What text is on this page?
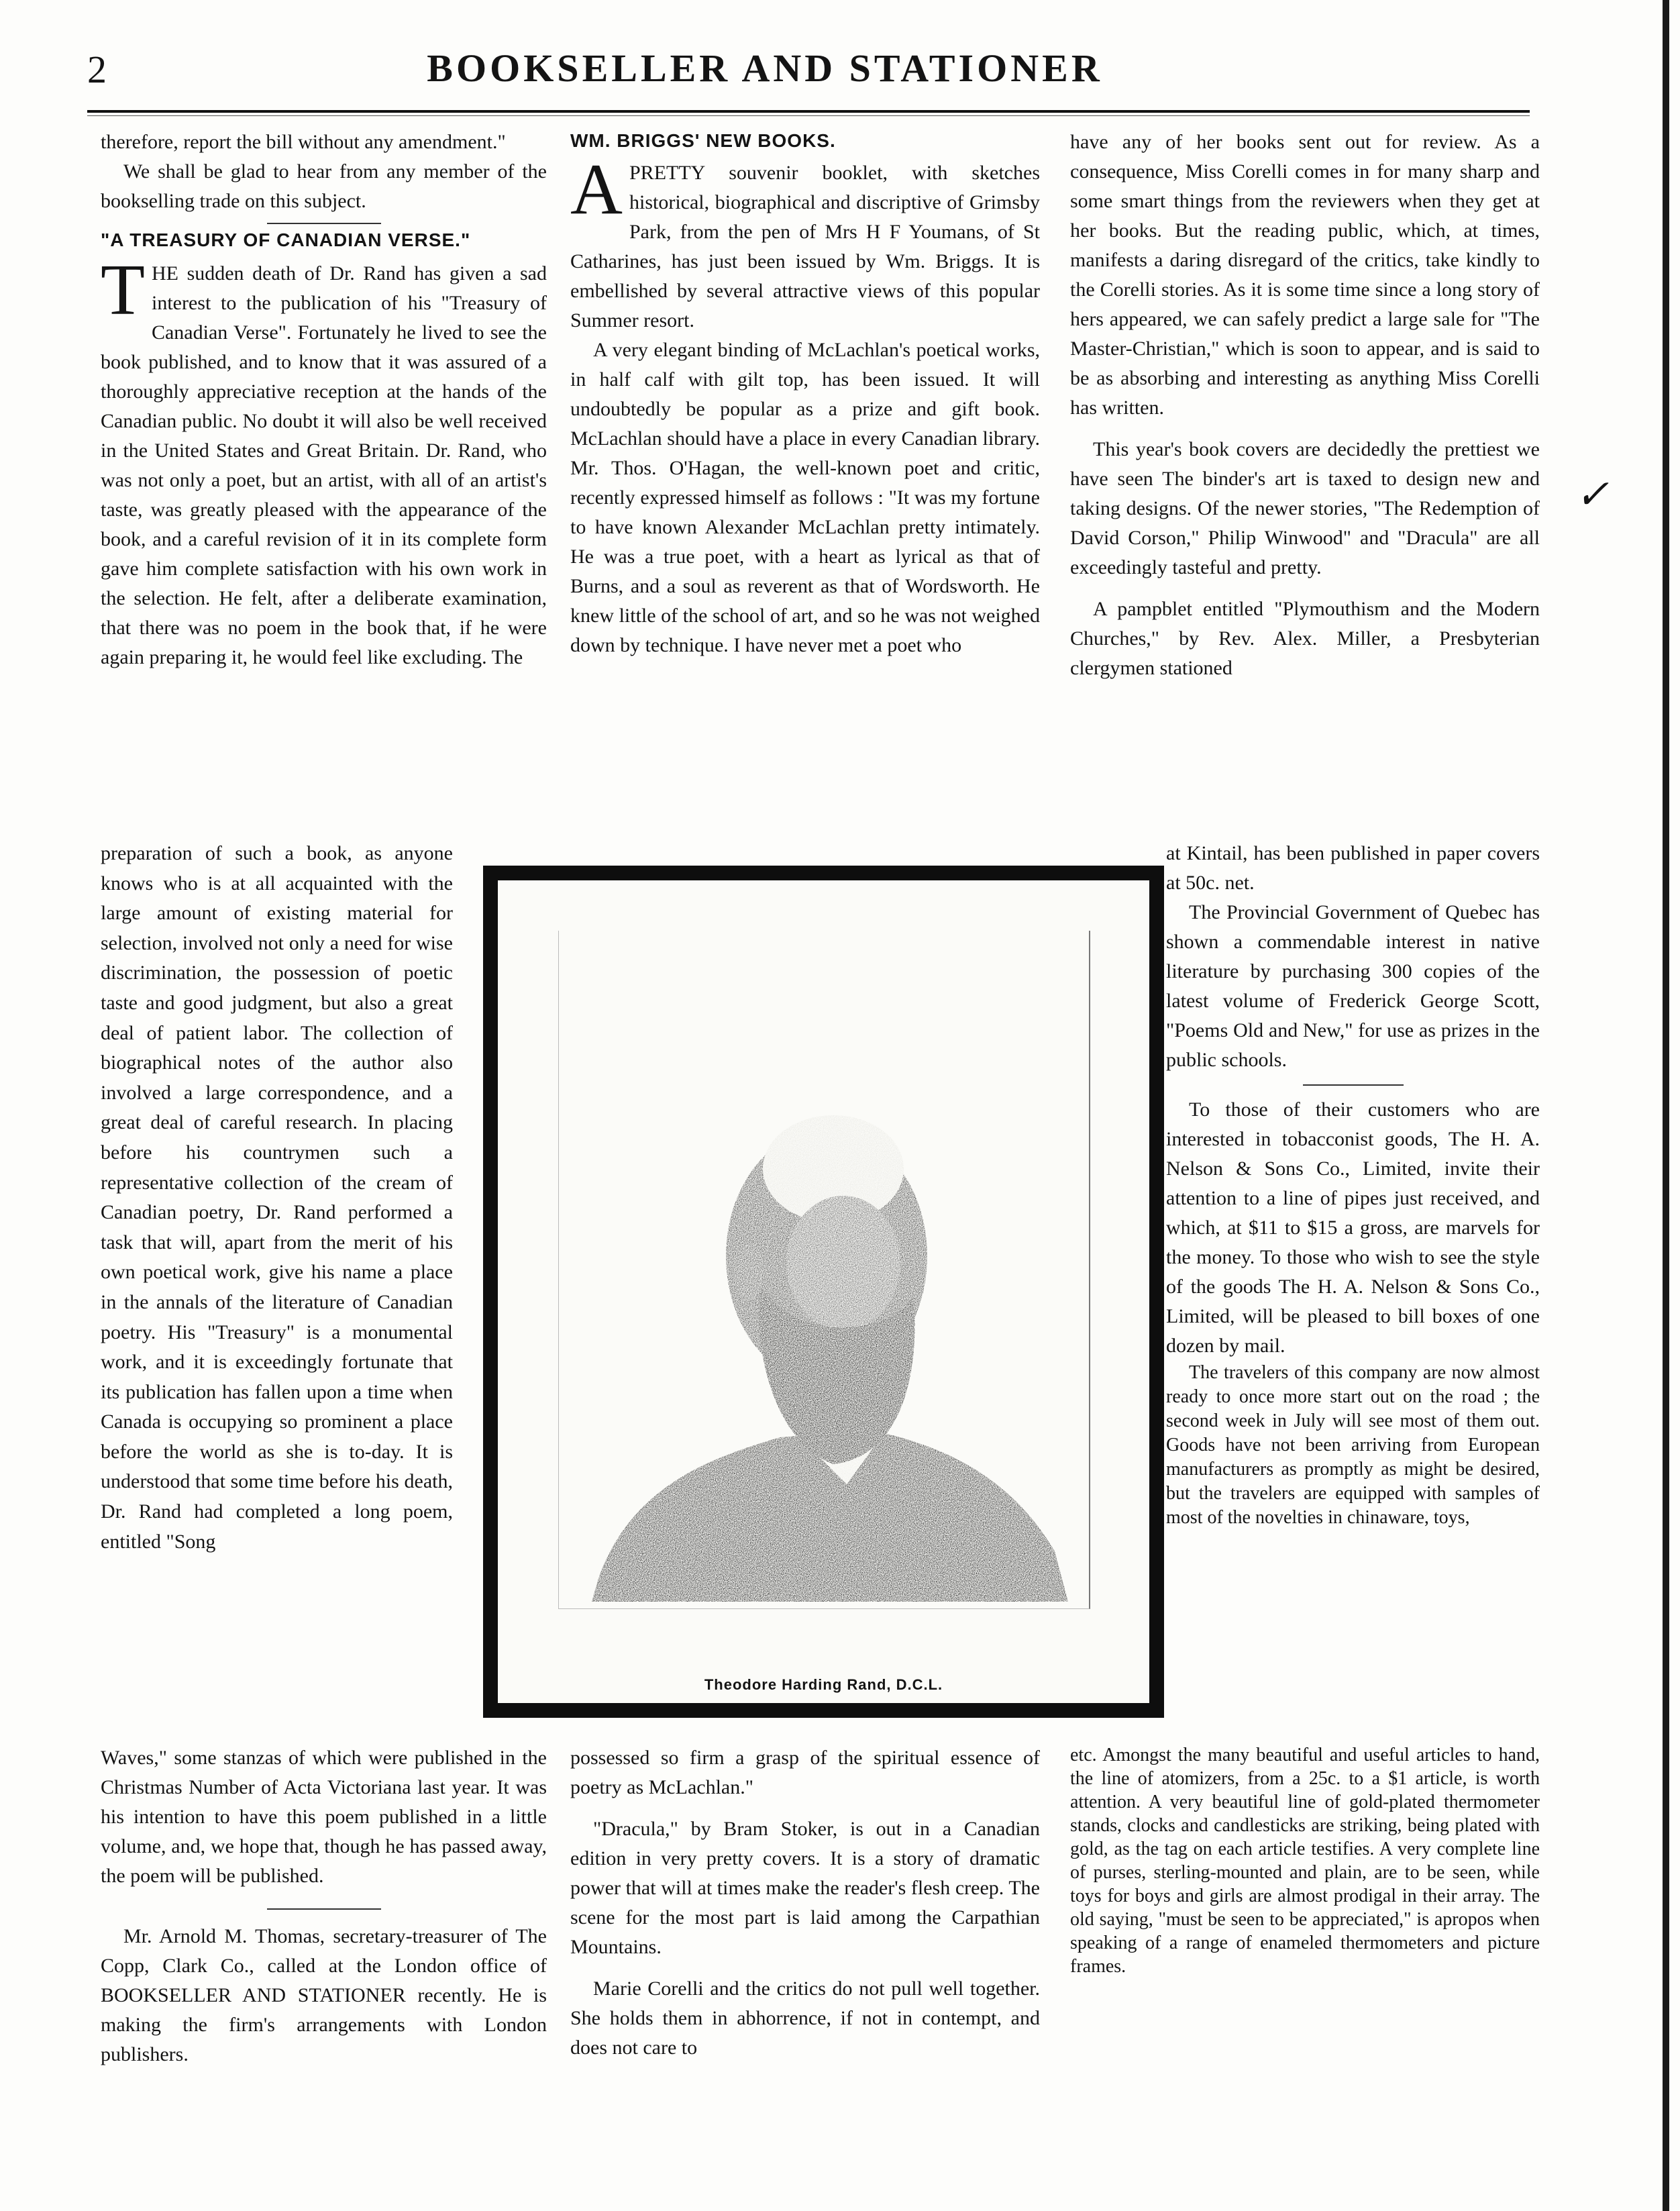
2	BOOKSELLER AND STATIONER

therefore, report the bill without any amendment."

We shall be glad to hear from any member of the bookselling trade on this subject.

"A TREASURY OF CANADIAN VERSE."

T HE sudden death of Dr. Rand has given a sad interest to the publication of his "Treasury of Canadian Verse". Fortunately he lived to see the book published, and to know that it was assured of a thoroughly appreciative reception at the hands of the Canadian public. No doubt it will also be well received in the United States and Great Britain. Dr. Rand, who was not only a poet, but an artist, with all of an artist's taste, was greatly pleased with the appearance of the book, and a careful revision of it in its complete form gave him complete satisfaction with his own work in the selection. He felt, after a deliberate examination, that there was no poem in the book that, if he were again preparing it, he would feel like excluding. The

preparation of such a book, as anyone knows who is at all acquainted with the large amount of existing material for selection, involved not only a need for wise discrimination, the possession of poetic taste and good judgment, but also a great deal of patient labor. The collection of biographical notes of the author also involved a large correspondence, and a great deal of careful research. In placing before his countrymen such a representative collection of the cream of Canadian poetry, Dr. Rand performed a task that will, apart from the merit of his own poetical work, give his name a place in the annals of the literature of Canadian poetry. His "Treasury" is a monumental work, and it is exceedingly fortunate that its publication has fallen upon a time when Canada is occupying so prominent a place before the world as she is to-day. It is understood that some time before his death, Dr. Rand had completed a long poem, entitled "Song

WM. BRIGGS' NEW BOOKS.

A PRETTY souvenir booklet, with sketches historical, biographical and discriptive of Grimsby Park, from the pen of Mrs H F Youmans, of St Catharines, has just been issued by Wm. Briggs. It is embellished by several attractive views of this popular Summer resort.

A very elegant binding of McLachlan's poetical works, in half calf with gilt top, has been issued. It will undoubtedly be popular as a prize and gift book. McLachlan should have a place in every Canadian library. Mr. Thos. O'Hagan, the well-known poet and critic, recently expressed himself as follows : "It was my fortune to have known Alexander McLachlan pretty intimately. He was a true poet, with a heart as lyrical as that of Burns, and a soul as reverent as that of Wordsworth. He knew little of the school of art, and so he was not weighed down by technique. I have never met a poet who

have any of her books sent out for review. As a consequence, Miss Corelli comes in for many sharp and some smart things from the reviewers when they get at her books. But the reading public, which, at times, manifests a daring disregard of the critics, take kindly to the Corelli stories. As it is some time since a long story of hers appeared, we can safely predict a large sale for "The Master-Christian," which is soon to appear, and is said to be as absorbing and interesting as anything Miss Corelli has written.

This year's book covers are decidedly the prettiest we have seen The binder's art is taxed to design new and taking designs. Of the newer stories, "The Redemption of David Corson," Philip Winwood" and "Dracula" are all exceedingly tasteful and pretty.

A pampblet entitled "Plymouthism and the Modern Churches," by Rev. Alex. Miller, a Presbyterian clergymen stationed

✓

at Kintail, has been published in paper covers at 50c. net.

The Provincial Government of Quebec has shown a commendable interest in native literature by purchasing 300 copies of the latest volume of Frederick George Scott, "Poems Old and New," for use as prizes in the public schools.

To those of their customers who are interested in tobacconist goods, The H. A. Nelson & Sons Co., Limited, invite their attention to a line of pipes just received, and which, at $11 to $15 a gross, are marvels for the money. To those who wish to see the style of the goods The H. A. Nelson & Sons Co., Limited, will be pleased to bill boxes of one dozen by mail.

The travelers of this company are now almost ready to once more start out on the road ; the second week in July will see most of them out. Goods have not been arriving from European manufacturers as promptly as might be desired, but the travelers are equipped with samples of most of the novelties in chinaware, toys,

Theodore Harding Rand, D.C.L.

Waves," some stanzas of which were published in the Christmas Number of Acta Victoriana last year. It was his intention to have this poem published in a little volume, and, we hope that, though he has passed away, the poem will be published.

Mr. Arnold M. Thomas, secretary-treasurer of The Copp, Clark Co., called at the London office of BOOKSELLER AND STATIONER recently. He is making the firm's arrangements with London publishers.

possessed so firm a grasp of the spiritual essence of poetry as McLachlan."

"Dracula," by Bram Stoker, is out in a Canadian edition in very pretty covers. It is a story of dramatic power that will at times make the reader's flesh creep. The scene for the most part is laid among the Carpathian Mountains.

Marie Corelli and the critics do not pull well together. She holds them in abhorrence, if not in contempt, and does not care to

etc. Amongst the many beautiful and useful articles to hand, the line of atomizers, from a 25c. to a $1 article, is worth attention. A very beautiful line of gold-plated thermometer stands, clocks and candlesticks are striking, being plated with gold, as the tag on each article testifies. A very complete line of purses, sterling-mounted and plain, are to be seen, while toys for boys and girls are almost prodigal in their array. The old saying, "must be seen to be appreciated," is apropos when speaking of a range of enameled thermometers and picture frames.
